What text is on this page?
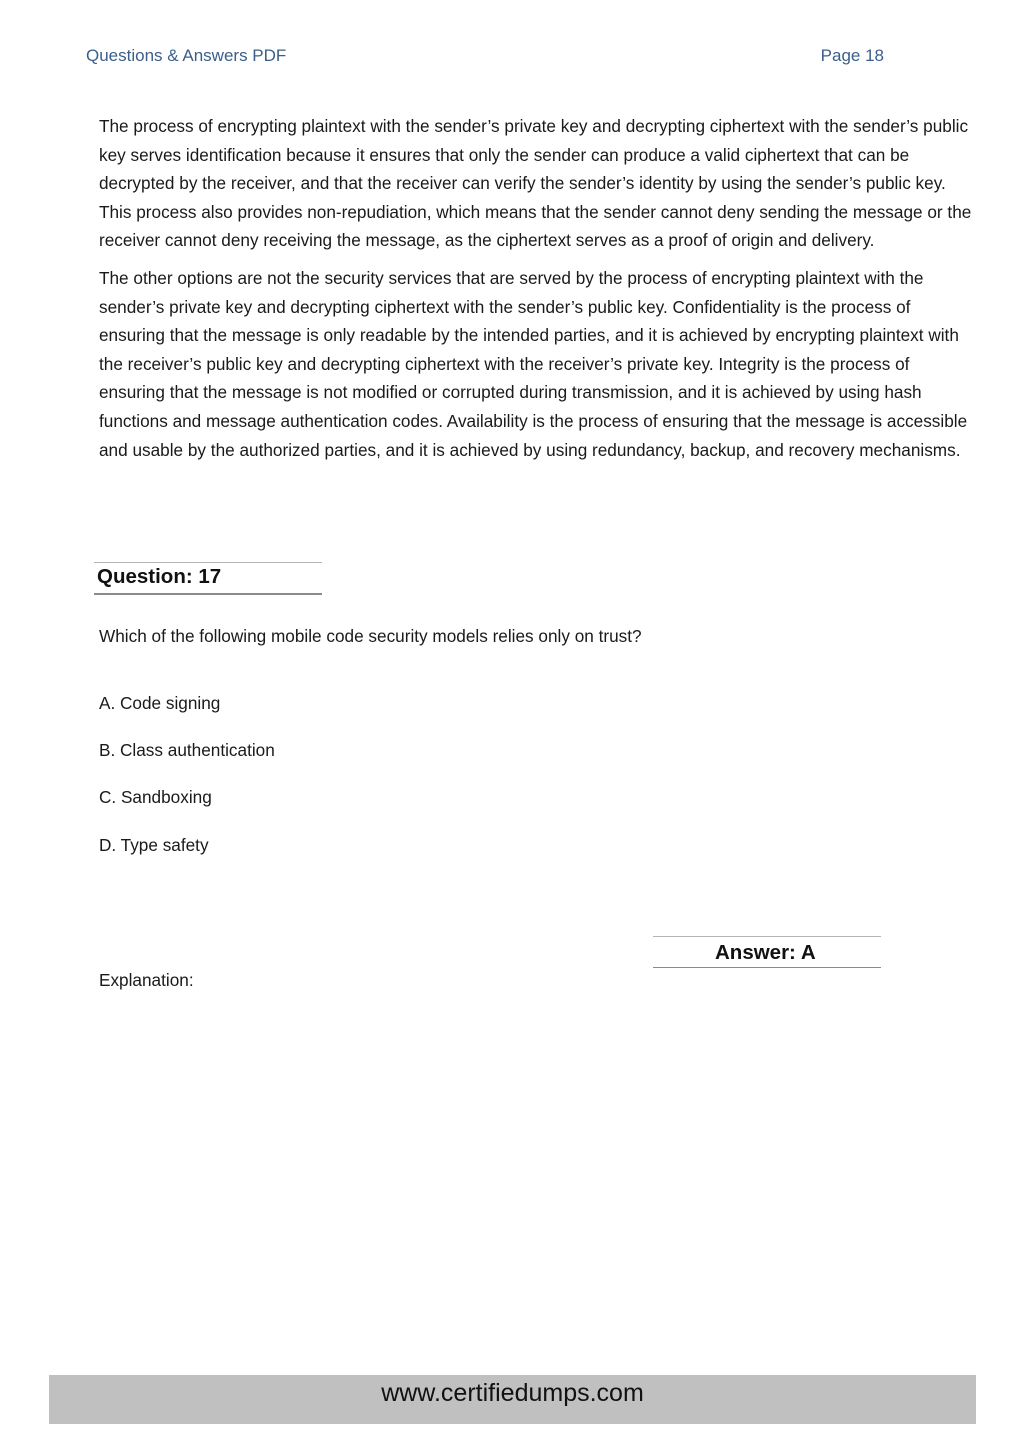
Questions & Answers PDF	Page 18

The process of encrypting plaintext with the sender’s private key and decrypting ciphertext with the sender’s public key serves identification because it ensures that only the sender can produce a valid ciphertext that can be decrypted by the receiver, and that the receiver can verify the sender’s identity by using the sender’s public key. This process also provides non-repudiation, which means that the sender cannot deny sending the message or the receiver cannot deny receiving the message, as the ciphertext serves as a proof of origin and delivery.

The other options are not the security services that are served by the process of encrypting plaintext with the sender’s private key and decrypting ciphertext with the sender’s public key. Confidentiality is the process of ensuring that the message is only readable by the intended parties, and it is achieved by encrypting plaintext with the receiver’s public key and decrypting ciphertext with the receiver’s private key. Integrity is the process of ensuring that the message is not modified or corrupted during transmission, and it is achieved by using hash functions and message authentication codes. Availability is the process of ensuring that the message is accessible and usable by the authorized parties, and it is achieved by using redundancy, backup, and recovery mechanisms.

Question: 17
Which of the following mobile code security models relies only on trust?
A. Code signing
B. Class authentication
C. Sandboxing
D. Type safety
Answer: A
Explanation:
www.certifiedumps.com
